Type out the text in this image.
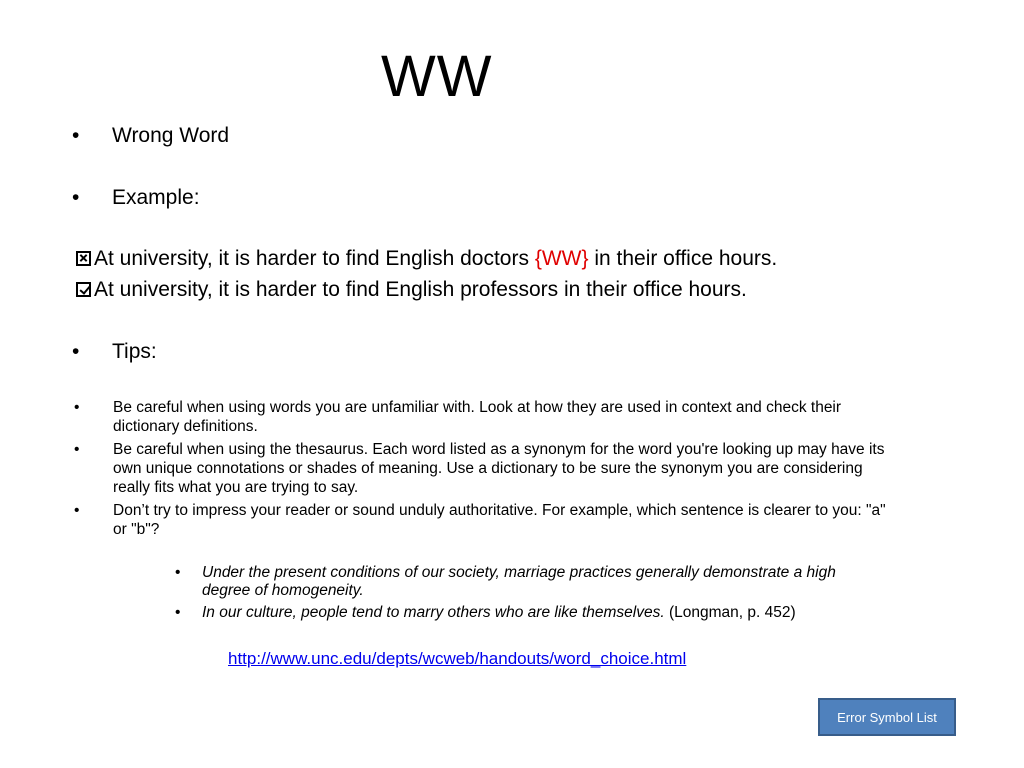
WW
• Wrong Word
• Example:
At university, it is harder to find English doctors {WW} in their office hours.
At university, it is harder to find English professors in their office hours.
• Tips:
• Be careful when using words you are unfamiliar with. Look at how they are used in context and check their dictionary definitions.
• Be careful when using the thesaurus. Each word listed as a synonym for the word you're looking up may have its own unique connotations or shades of meaning. Use a dictionary to be sure the synonym you are considering really fits what you are trying to say.
• Don’t try to impress your reader or sound unduly authoritative. For example, which sentence is clearer to you: "a" or "b"?
• Under the present conditions of our society, marriage practices generally demonstrate a high degree of homogeneity.
• In our culture, people tend to marry others who are like themselves. (Longman, p. 452)
http://www.unc.edu/depts/wcweb/handouts/word_choice.html
Error Symbol List
